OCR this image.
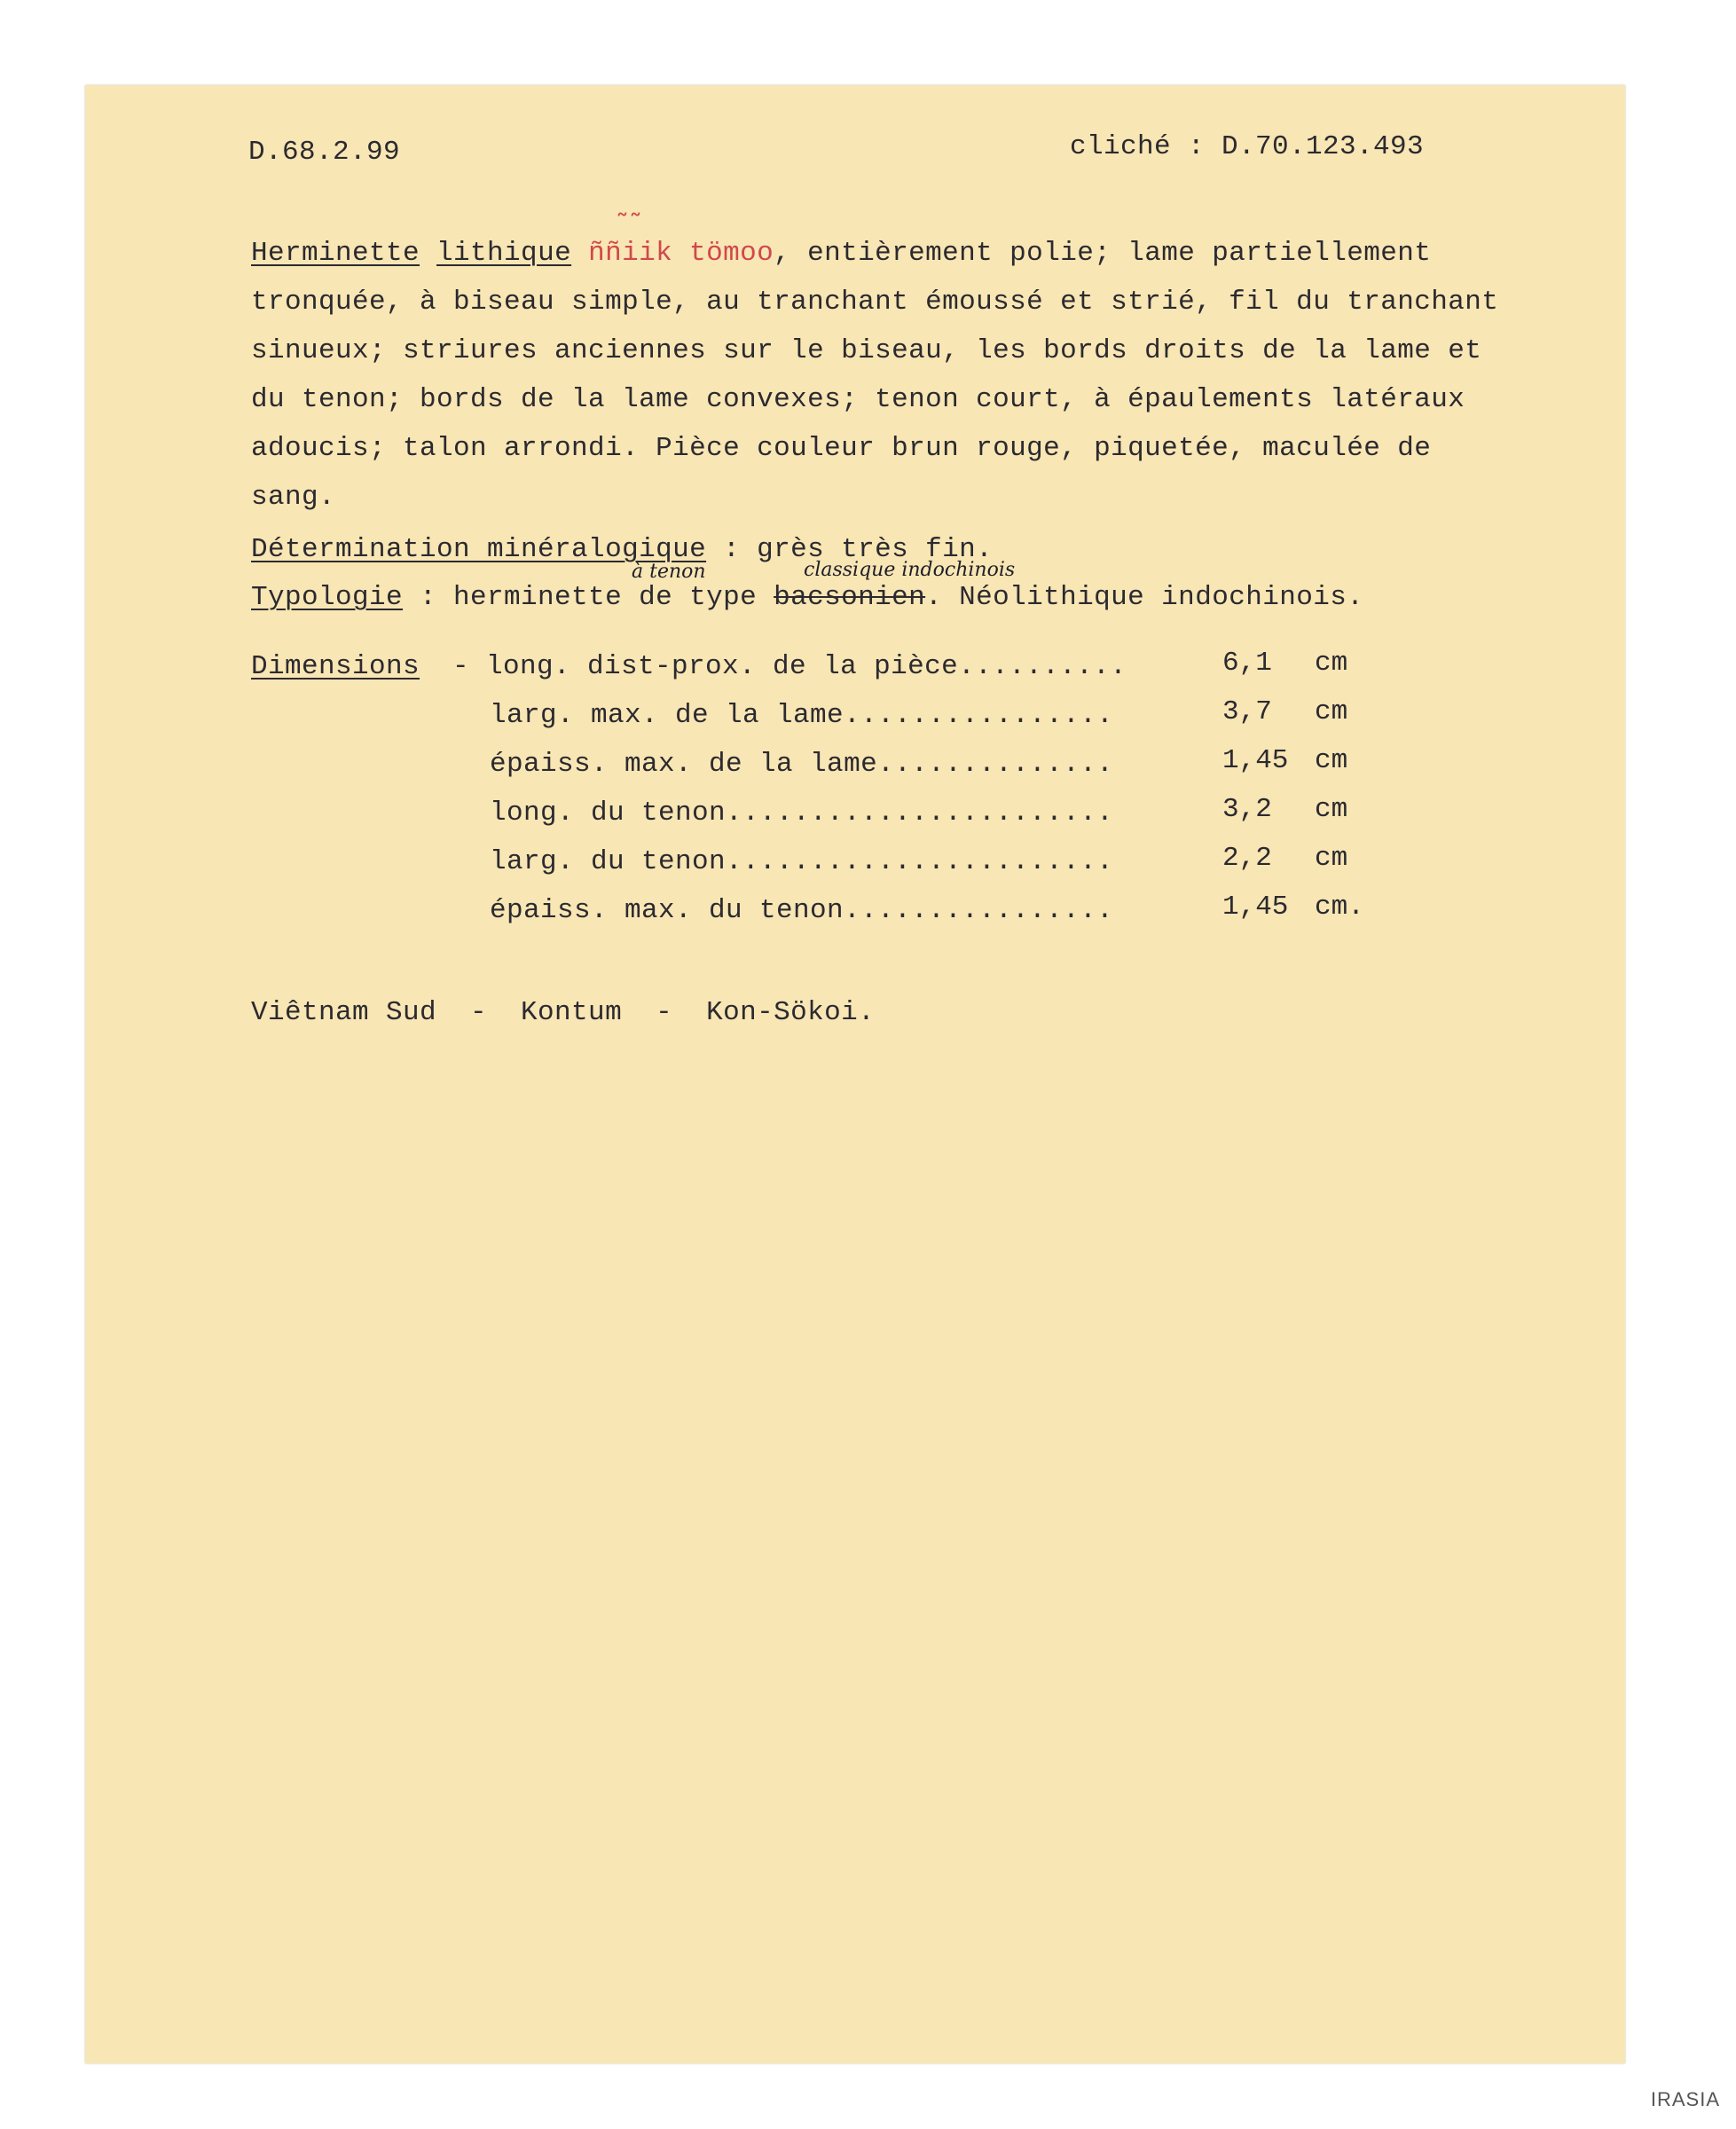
D.68.2.99	cliché : D.70.123.493
Herminette lithique ññiik tömoo, entièrement polie; lame partiellement
˜˜
tronquée, à biseau simple, au tranchant émoussé et strié, fil du tranchant
sinueux; striures anciennes sur le biseau, les bords droits de la lame et
du tenon; bords de la lame convexes; tenon court, à épaulements latéraux
adoucis; talon arrondi. Pièce couleur brun rouge, piquetée, maculée de
sang.
Détermination minéralogique : grès très fin.
Typologie : herminette de type bacsonien. Néolithique indochinois.
à tenon	classique indochinois
Dimensions - long. dist-prox. de la pièce..........	6,1 cm
larg. max. de la lame................	3,7 cm
épaiss. max. de la lame..............	1,45 cm
long. du tenon.......................	3,2 cm
larg. du tenon.......................	2,2 cm
épaiss. max. du tenon................	1,45 cm.
Viêtnam Sud  -  Kontum  -  Kon-Sökoi.
IRASIA
